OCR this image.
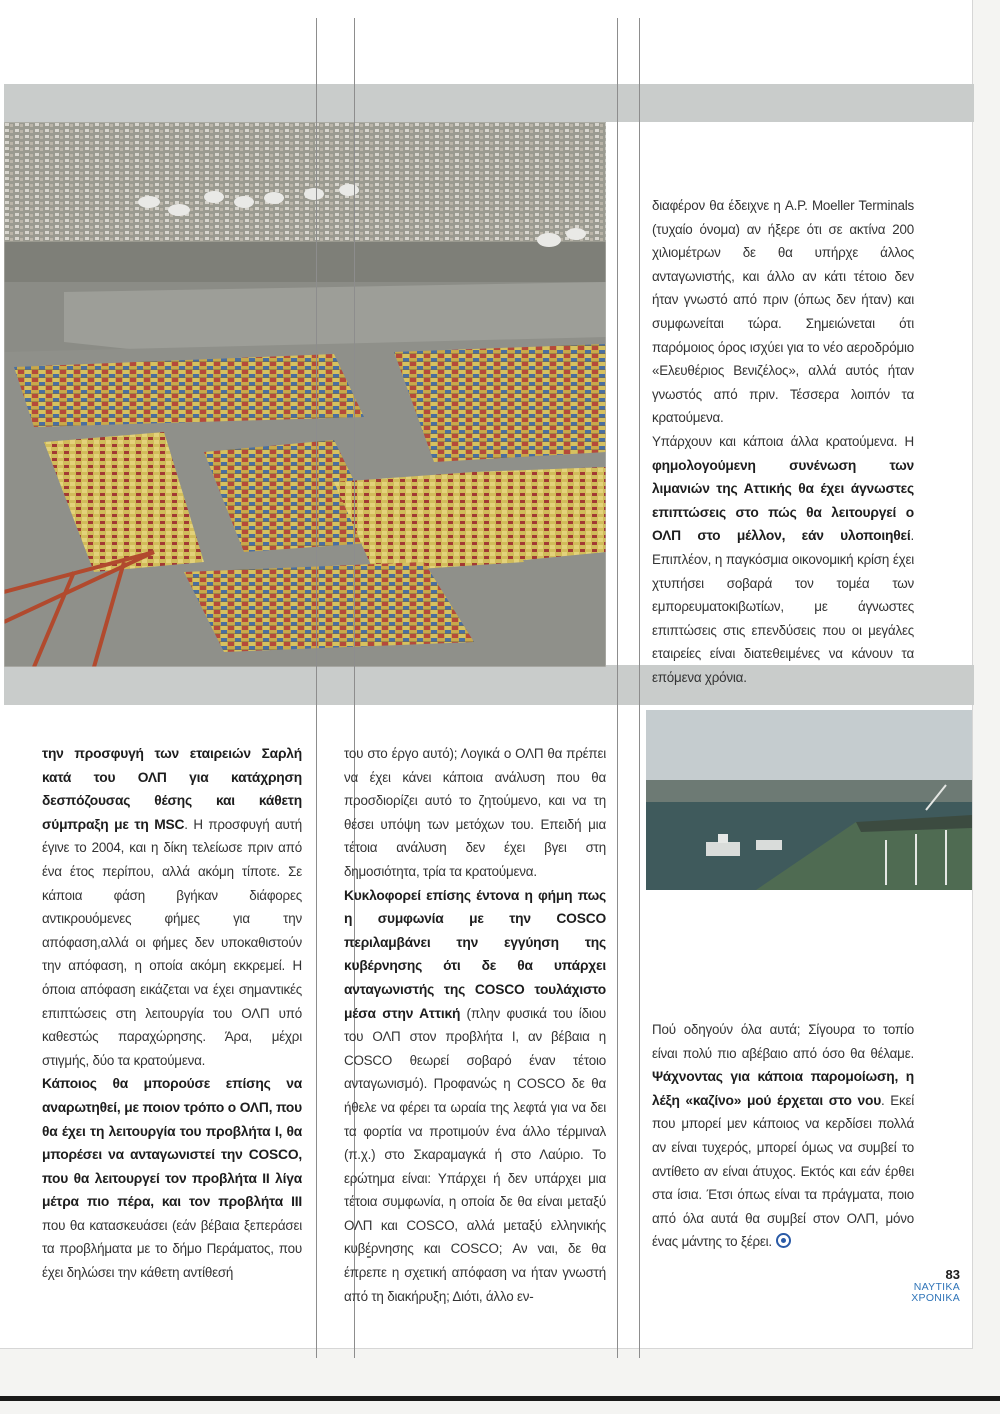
διαφέρον θα έδειχνε η A.P. Moeller Terminals (τυχαίο όνομα) αν ήξερε ότι σε ακτίνα 200 χιλιομέτρων δε θα υπήρχε άλλος ανταγωνιστής, και άλλο αν κάτι τέτοιο δεν ήταν γνωστό από πριν (όπως δεν ήταν) και συμφωνείται τώρα. Σημειώνεται ότι παρόμοιος όρος ισχύει για το νέο αεροδρόμιο «Ελευθέριος Βενιζέλος», αλλά αυτός ήταν γνωστός από πριν. Τέσσερα λοιπόν τα κρατούμενα.

Υπάρχουν και κάποια άλλα κρατούμενα. Η φημολογούμενη συνένωση των λιμανιών της Αττικής θα έχει άγνωστες επιπτώσεις στο πώς θα λειτουργεί ο ΟΛΠ στο μέλλον, εάν υλοποιηθεί. Επιπλέον, η παγκόσμια οικονομική κρίση έχει χτυπήσει σοβαρά τον τομέα των εμπορευματοκιβωτίων, με άγνωστες επιπτώσεις στις επενδύσεις που οι μεγάλες εταιρείες είναι διατεθειμένες να κάνουν τα επόμενα χρόνια.

την προσφυγή των εταιρειών Σαρλή κατά του ΟΛΠ για κατάχρηση δεσπόζουσας θέσης και κάθετη σύμπραξη με τη MSC. Η προσφυγή αυτή έγινε το 2004, και η δίκη τελείωσε πριν από ένα έτος περίπου, αλλά ακόμη τίποτε. Σε κάποια φάση βγήκαν διάφορες αντικρουόμενες φήμες για την απόφαση,αλλά οι φήμες δεν υποκαθιστούν την απόφαση, η οποία ακόμη εκκρεμεί. Η όποια απόφαση εικάζεται να έχει σημαντικές επιπτώσεις στη λειτουργία του ΟΛΠ υπό καθεστώς παραχώρησης. Άρα, μέχρι στιγμής, δύο τα κρατούμενα.

Κάποιος θα μπορούσε επίσης να αναρωτηθεί, με ποιον τρόπο ο ΟΛΠ, που θα έχει τη λειτουργία του προβλήτα Ι, θα μπορέσει να ανταγωνιστεί την COSCO, που θα λειτουργεί τον προβλήτα ΙΙ λίγα μέτρα πιο πέρα, και τον προβλήτα ΙΙΙ που θα κατασκευάσει (εάν βέβαια ξεπεράσει τα προβλήματα με το δήμο Περάματος, που έχει δηλώσει την κάθετη αντίθεσή

του στο έργο αυτό); Λογικά ο ΟΛΠ θα πρέπει να έχει κάνει κάποια ανάλυση που θα προσδιορίζει αυτό το ζητούμενο, και να τη θέσει υπόψη των μετόχων του. Επειδή μια τέτοια ανάλυση δεν έχει βγει στη δημοσιότητα, τρία τα κρατούμενα.

Κυκλοφορεί επίσης έντονα η φήμη πως η συμφωνία με την COSCO περιλαμβάνει την εγγύηση της κυβέρνησης ότι δε θα υπάρχει ανταγωνιστής της COSCO τουλάχιστο μέσα στην Αττική (πλην φυσικά του ίδιου του ΟΛΠ στον προβλήτα Ι, αν βέβαια η COSCO θεωρεί σοβαρό έναν τέτοιο ανταγωνισμό). Προφανώς η COSCO δε θα ήθελε να φέρει τα ωραία της λεφτά για να δει τα φορτία να προτιμούν ένα άλλο τέρμιναλ (π.χ.) στο Σκαραμαγκά ή στο Λαύριο. Το ερώτημα είναι: Υπάρχει ή δεν υπάρχει μια τέτοια συμφωνία, η οποία δε θα είναι μεταξύ ΟΛΠ και COSCO, αλλά μεταξύ ελληνικής κυβέρνησης και COSCO; Αν ναι, δε θα έπρεπε η σχετική απόφαση να ήταν γνωστή από τη διακήρυξη; Διότι, άλλο εν-

Πού οδηγούν όλα αυτά; Σίγουρα το τοπίο είναι πολύ πιο αβέβαιο από όσο θα θέλαμε. Ψάχνοντας για κάποια παρομοίωση, η λέξη «καζίνο» μού έρχεται στο νου. Εκεί που μπορεί μεν κάποιος να κερδίσει πολλά αν είναι τυχερός, μπορεί όμως να συμβεί το αντίθετο αν είναι άτυχος. Εκτός και εάν έρθει στα ίσια. Έτσι όπως είναι τα πράγματα, ποιο από όλα αυτά θα συμβεί στον ΟΛΠ, μόνο ένας μάντης το ξέρει.

83
ΝΑΥΤΙΚΑ
ΧΡΟΝΙΚΑ
